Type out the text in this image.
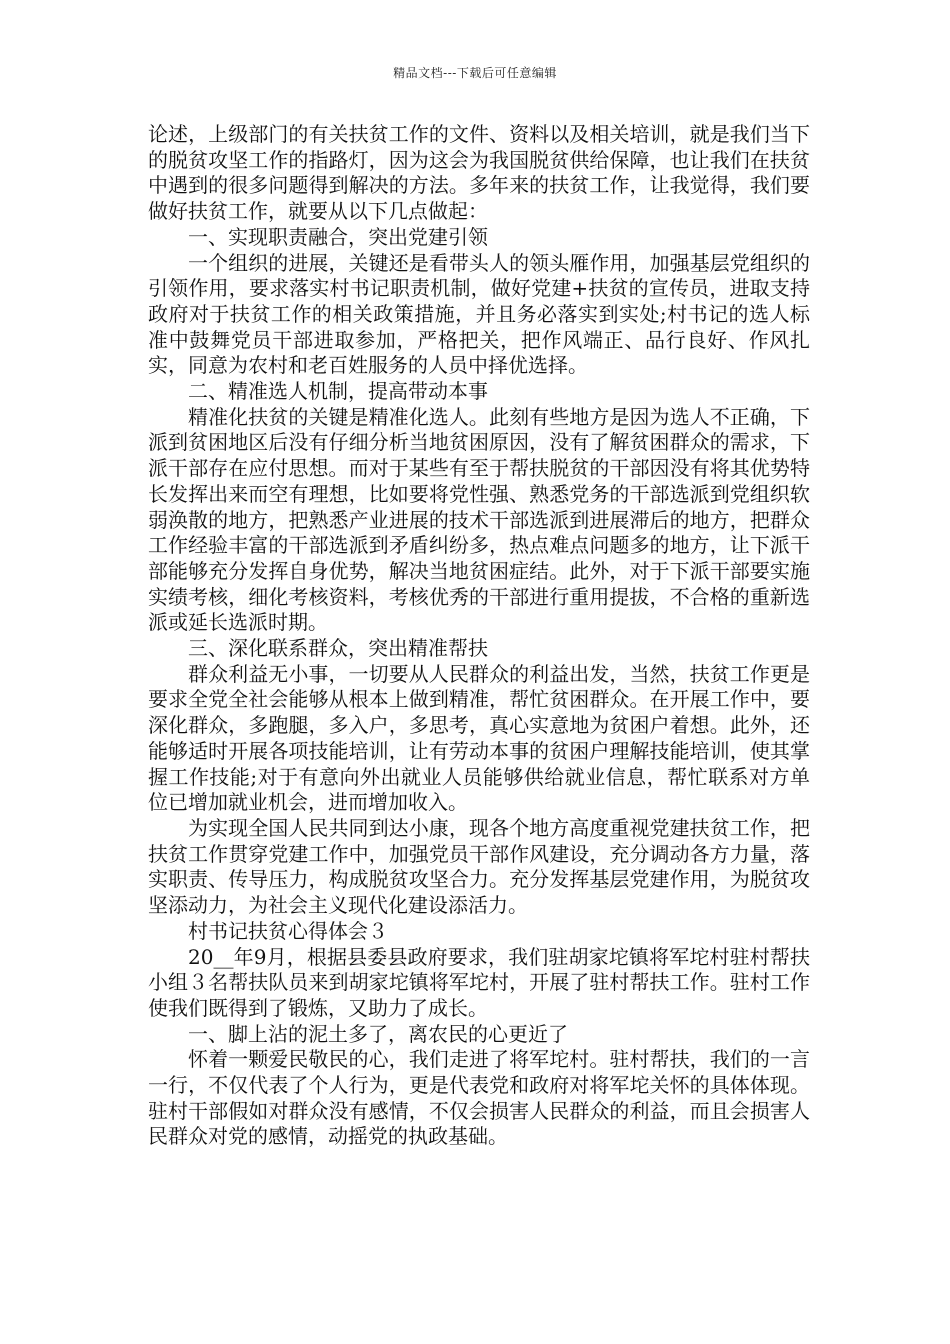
精品文档---下载后可任意编辑

论述，上级部门的有关扶贫工作的文件、资料以及相关培训，就是我们当下的脱贫攻坚工作的指路灯，因为这会为我国脱贫供给保障，也让我们在扶贫中遇到的很多问题得到解决的方法。多年来的扶贫工作，让我觉得，我们要做好扶贫工作，就要从以下几点做起：

一、实现职责融合，突出党建引领

一个组织的进展，关键还是看带头人的领头雁作用，加强基层党组织的引领作用，要求落实村书记职责机制，做好党建+扶贫的宣传员，进取支持政府对于扶贫工作的相关政策措施，并且务必落实到实处;村书记的选人标准中鼓舞党员干部进取参加，严格把关，把作风端正、品行良好、作风扎实，同意为农村和老百姓服务的人员中择优选择。

二、精准选人机制，提高带动本事

精准化扶贫的关键是精准化选人。此刻有些地方是因为选人不正确，下派到贫困地区后没有仔细分析当地贫困原因，没有了解贫困群众的需求，下派干部存在应付思想。而对于某些有至于帮扶脱贫的干部因没有将其优势特长发挥出来而空有理想，比如要将党性强、熟悉党务的干部选派到党组织软弱涣散的地方，把熟悉产业进展的技术干部选派到进展滞后的地方，把群众工作经验丰富的干部选派到矛盾纠纷多，热点难点问题多的地方，让下派干部能够充分发挥自身优势，解决当地贫困症结。此外，对于下派干部要实施实绩考核，细化考核资料，考核优秀的干部进行重用提拔，不合格的重新选派或延长选派时期。

三、深化联系群众，突出精准帮扶

群众利益无小事，一切要从人民群众的利益出发，当然，扶贫工作更是要求全党全社会能够从根本上做到精准，帮忙贫困群众。在开展工作中，要深化群众，多跑腿，多入户，多思考，真心实意地为贫困户着想。此外，还能够适时开展各项技能培训，让有劳动本事的贫困户理解技能培训，使其掌握工作技能;对于有意向外出就业人员能够供给就业信息，帮忙联系对方单位已增加就业机会，进而增加收入。

为实现全国人民共同到达小康，现各个地方高度重视党建扶贫工作，把扶贫工作贯穿党建工作中，加强党员干部作风建设，充分调动各方力量，落实职责、传导压力，构成脱贫攻坚合力。充分发挥基层党建作用，为脱贫攻坚添动力，为社会主义现代化建设添活力。

村书记扶贫心得体会３

20__年9月，根据县委县政府要求，我们驻胡家坨镇将军坨村驻村帮扶小组３名帮扶队员来到胡家坨镇将军坨村，开展了驻村帮扶工作。驻村工作使我们既得到了锻炼，又助力了成长。

一、脚上沾的泥土多了，离农民的心更近了

怀着一颗爱民敬民的心，我们走进了将军坨村。驻村帮扶，我们的一言一行，不仅代表了个人行为，更是代表党和政府对将军坨关怀的具体体现。驻村干部假如对群众没有感情，不仅会损害人民群众的利益，而且会损害人民群众对党的感情，动摇党的执政基础。
